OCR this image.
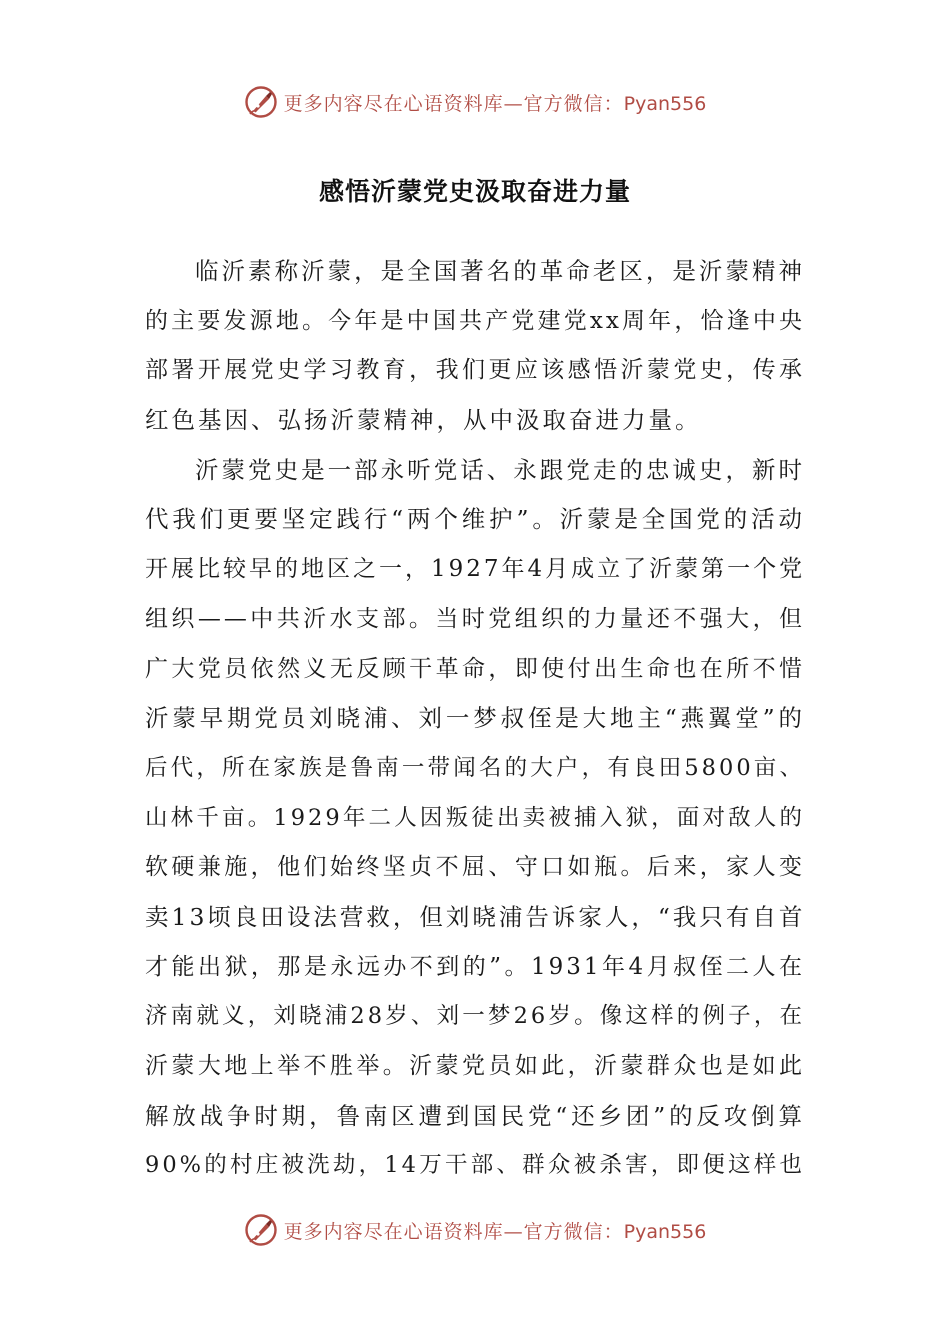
更多内容尽在心语资料库—官方微信：Pyan556
感悟沂蒙党史汲取奋进力量
临沂素称沂蒙，是全国著名的革命老区，是沂蒙精神
的主要发源地。今年是中国共产党建党xx周年，恰逢中央
部署开展党史学习教育，我们更应该感悟沂蒙党史，传承
红色基因、弘扬沂蒙精神，从中汲取奋进力量。
沂蒙党史是一部永听党话、永跟党走的忠诚史，新时
代我们更要坚定践行“两个维护”。沂蒙是全国党的活动
开展比较早的地区之一，1927年4月成立了沂蒙第一个党
组织——中共沂水支部。当时党组织的力量还不强大，但
广大党员依然义无反顾干革命，即使付出生命也在所不惜
沂蒙早期党员刘晓浦、刘一梦叔侄是大地主“燕翼堂”的
后代，所在家族是鲁南一带闻名的大户，有良田5800亩、
山林千亩。1929年二人因叛徒出卖被捕入狱，面对敌人的
软硬兼施，他们始终坚贞不屈、守口如瓶。后来，家人变
卖13顷良田设法营救，但刘晓浦告诉家人，“我只有自首
才能出狱，那是永远办不到的”。1931年4月叔侄二人在
济南就义，刘晓浦28岁、刘一梦26岁。像这样的例子，在
沂蒙大地上举不胜举。沂蒙党员如此，沂蒙群众也是如此
解放战争时期，鲁南区遭到国民党“还乡团”的反攻倒算
90%的村庄被洗劫，14万干部、群众被杀害，即便这样也
更多内容尽在心语资料库—官方微信：Pyan556
